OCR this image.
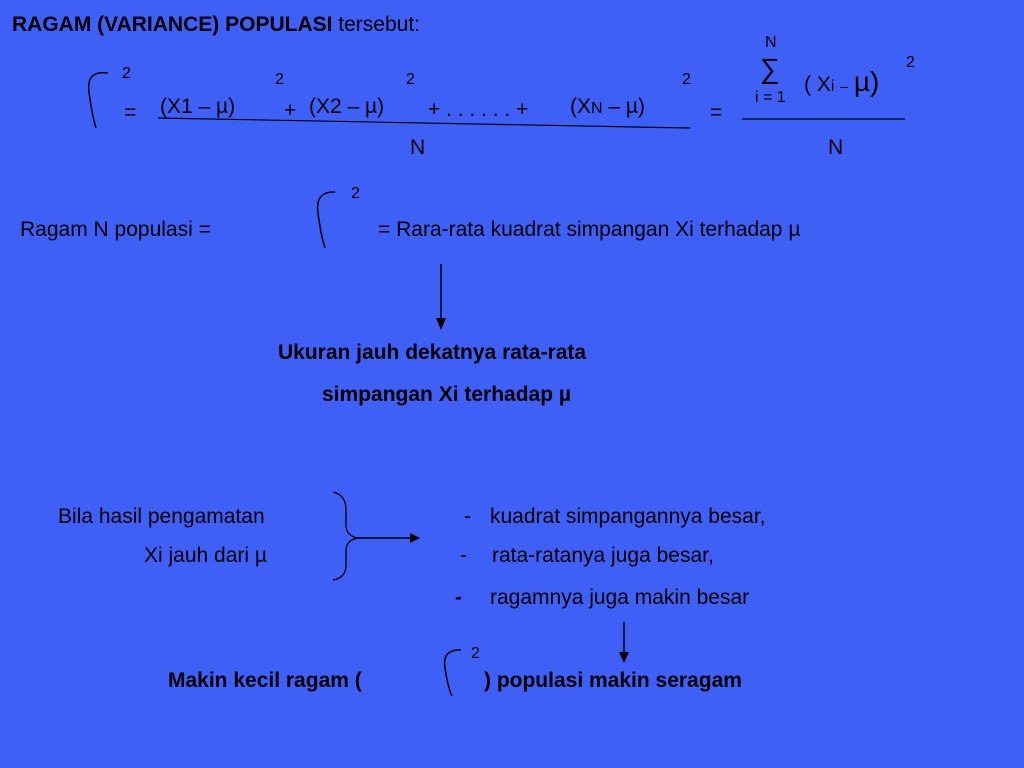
RAGAM (VARIANCE) POPULASI tersebut:
2
= (X1 – µ)
2
+ (X2 – µ)
2
+ . . . . . . + (XN – µ)
2
N
=
N
∑
i = 1
( Xi – µ)
2
N
2
Ragam N populasi =	= Rara-rata kuadrat simpangan Xi terhadap µ
Ukuran jauh dekatnya rata-rata
simpangan Xi terhadap µ
Bila hasil pengamatan
Xi jauh dari µ
- kuadrat simpangannya besar,
- rata-ratanya juga besar,
- ragamnya juga makin besar
2
Makin kecil ragam (	) populasi makin seragam
